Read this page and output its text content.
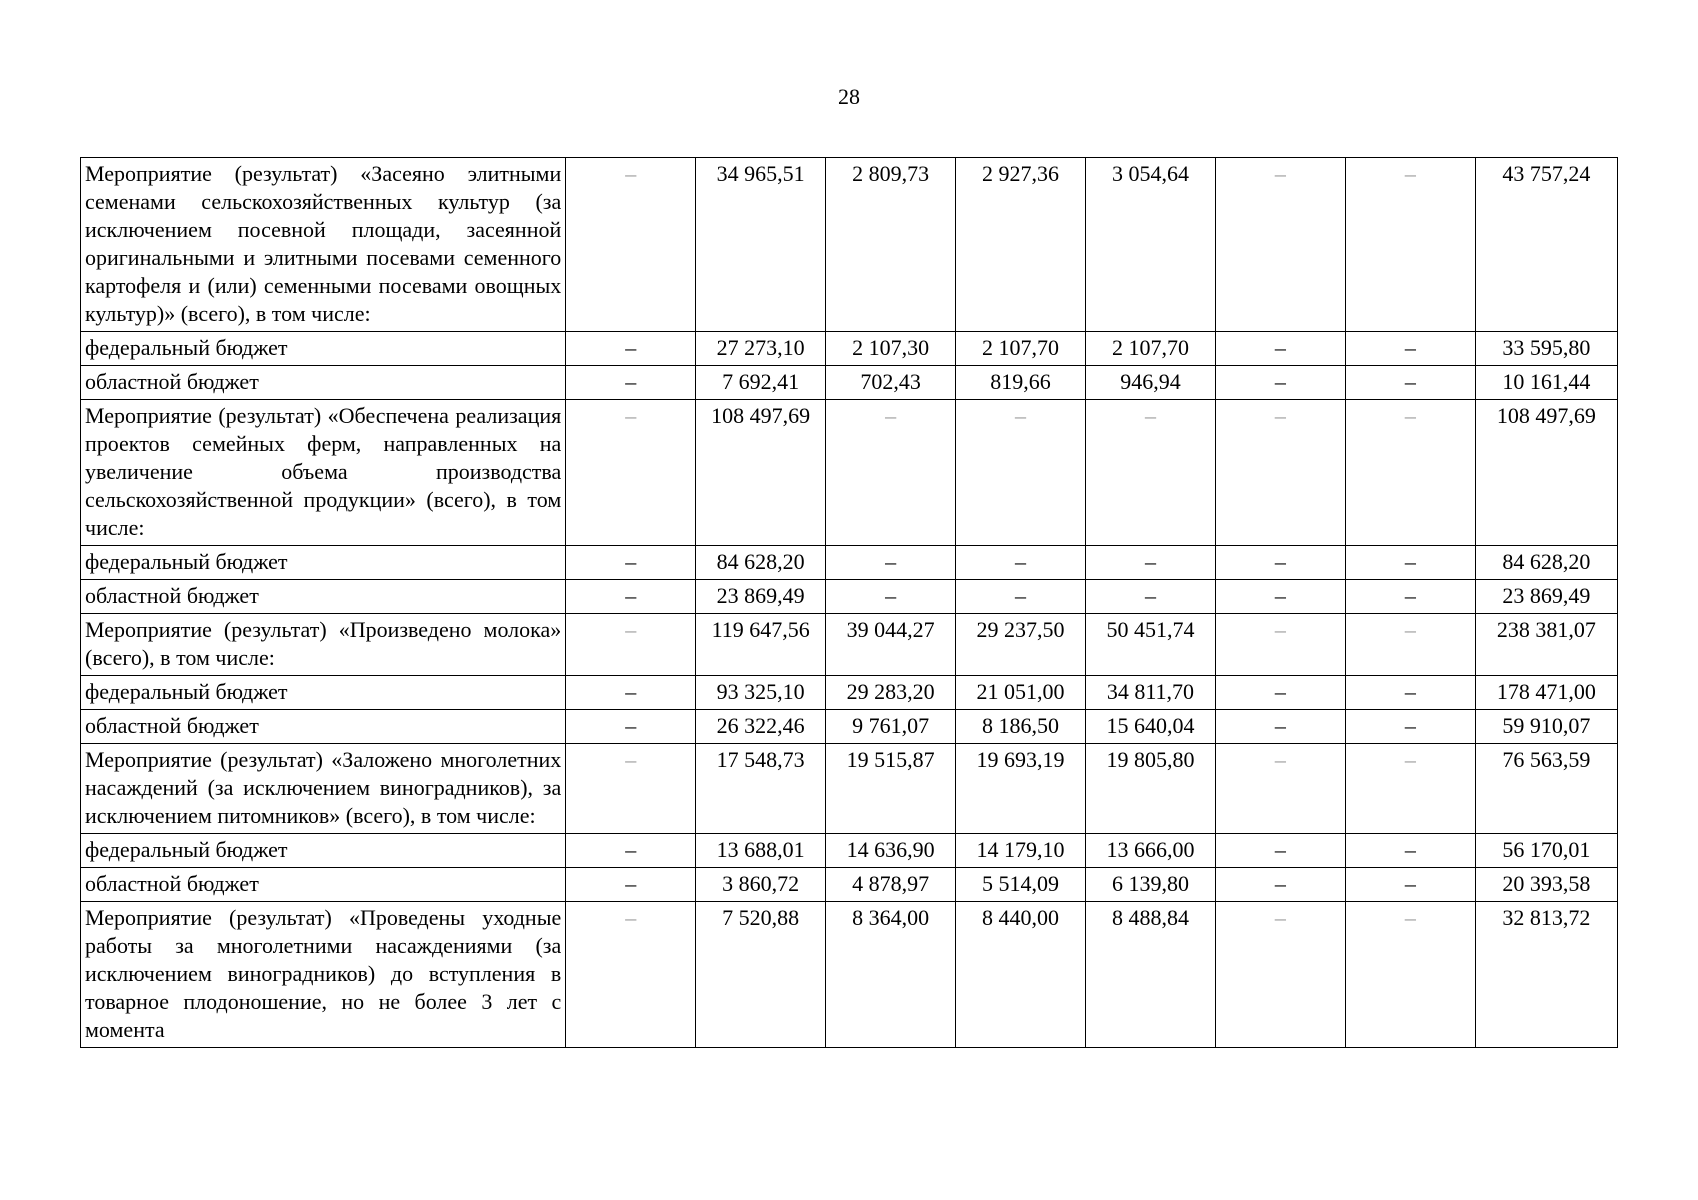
28
Мероприятие (результат) «Засеяно элитными семенами сельскохозяйственных культур (за исключением посевной площади, засеянной оригинальными и элитными посевами семенного картофеля и (или) семенными посевами овощных культур)» (всего), в том числе:	–	34 965,51	2 809,73	2 927,36	3 054,64	–	–	43 757,24
федеральный бюджет	–	27 273,10	2 107,30	2 107,70	2 107,70	–	–	33 595,80
областной бюджет	–	7 692,41	702,43	819,66	946,94	–	–	10 161,44
Мероприятие (результат) «Обеспечена реализация проектов семейных ферм, направленных на увеличение объема производства сельскохозяйственной продукции» (всего), в том числе:	–	108 497,69	–	–	–	–	–	108 497,69
федеральный бюджет	–	84 628,20	–	–	–	–	–	84 628,20
областной бюджет	–	23 869,49	–	–	–	–	–	23 869,49
Мероприятие (результат) «Произведено молока» (всего), в том числе:	–	119 647,56	39 044,27	29 237,50	50 451,74	–	–	238 381,07
федеральный бюджет	–	93 325,10	29 283,20	21 051,00	34 811,70	–	–	178 471,00
областной бюджет	–	26 322,46	9 761,07	8 186,50	15 640,04	–	–	59 910,07
Мероприятие (результат) «Заложено многолетних насаждений (за исключением виноградников), за исключением питомников» (всего), в том числе:	–	17 548,73	19 515,87	19 693,19	19 805,80	–	–	76 563,59
федеральный бюджет	–	13 688,01	14 636,90	14 179,10	13 666,00	–	–	56 170,01
областной бюджет	–	3 860,72	4 878,97	5 514,09	6 139,80	–	–	20 393,58
Мероприятие (результат) «Проведены уходные работы за многолетними насаждениями (за исключением виноградников) до вступления в товарное плодоношение, но не более 3 лет с момента	–	7 520,88	8 364,00	8 440,00	8 488,84	–	–	32 813,72
